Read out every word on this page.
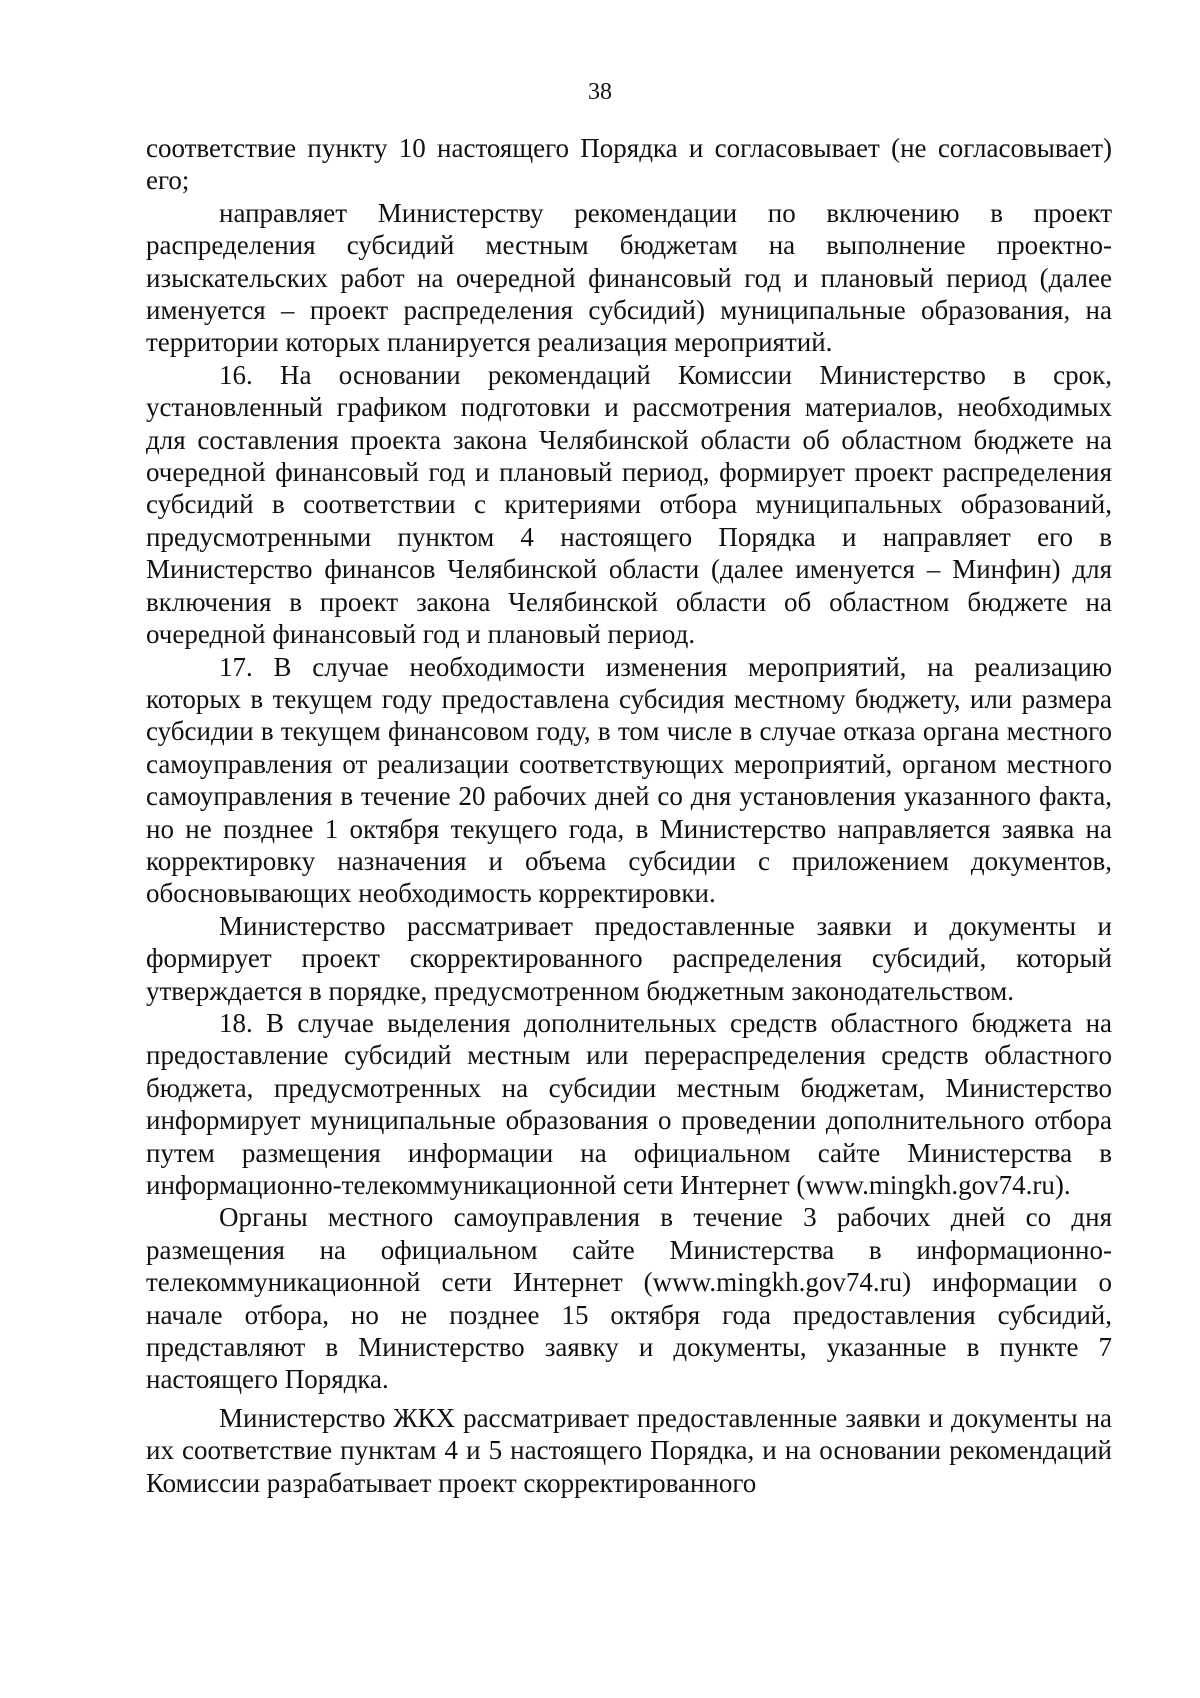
38

соответствие пункту 10 настоящего Порядка и согласовывает (не согласовывает) его;

направляет Министерству рекомендации по включению в проект распределения субсидий местным бюджетам на выполнение проектно-изыскательских работ на очередной финансовый год и плановый период (далее именуется – проект распределения субсидий) муниципальные образования, на территории которых планируется реализация мероприятий.

16. На основании рекомендаций Комиссии Министерство в срок, установленный графиком подготовки и рассмотрения материалов, необходимых для составления проекта закона Челябинской области об областном бюджете на очередной финансовый год и плановый период, формирует проект распределения субсидий в соответствии с критериями отбора муниципальных образований, предусмотренными пунктом 4 настоящего Порядка и направляет его в Министерство финансов Челябинской области (далее именуется – Минфин) для включения в проект закона Челябинской области об областном бюджете на очередной финансовый год и плановый период.

17. В случае необходимости изменения мероприятий, на реализацию которых в текущем году предоставлена субсидия местному бюджету, или размера субсидии в текущем финансовом году, в том числе в случае отказа органа местного самоуправления от реализации соответствующих мероприятий, органом местного самоуправления в течение 20 рабочих дней со дня установления указанного факта, но не позднее 1 октября текущего года, в Министерство направляется заявка на корректировку назначения и объема субсидии с приложением документов, обосновывающих необходимость корректировки.

Министерство рассматривает предоставленные заявки и документы и формирует проект скорректированного распределения субсидий, который утверждается в порядке, предусмотренном бюджетным законодательством.

18. В случае выделения дополнительных средств областного бюджета на предоставление субсидий местным или перераспределения средств областного бюджета, предусмотренных на субсидии местным бюджетам, Министерство информирует муниципальные образования о проведении дополнительного отбора путем размещения информации на официальном сайте Министерства в информационно-телекоммуникационной сети Интернет (www.mingkh.gov74.ru).

Органы местного самоуправления в течение 3 рабочих дней со дня размещения на официальном сайте Министерства в информационно-телекоммуникационной сети Интернет (www.mingkh.gov74.ru) информации о начале отбора, но не позднее 15 октября года предоставления субсидий, представляют в Министерство заявку и документы, указанные в пункте 7 настоящего Порядка.

Министерство ЖКХ рассматривает предоставленные заявки и документы на их соответствие пунктам 4 и 5 настоящего Порядка, и на основании рекомендаций Комиссии разрабатывает проект скорректированного
